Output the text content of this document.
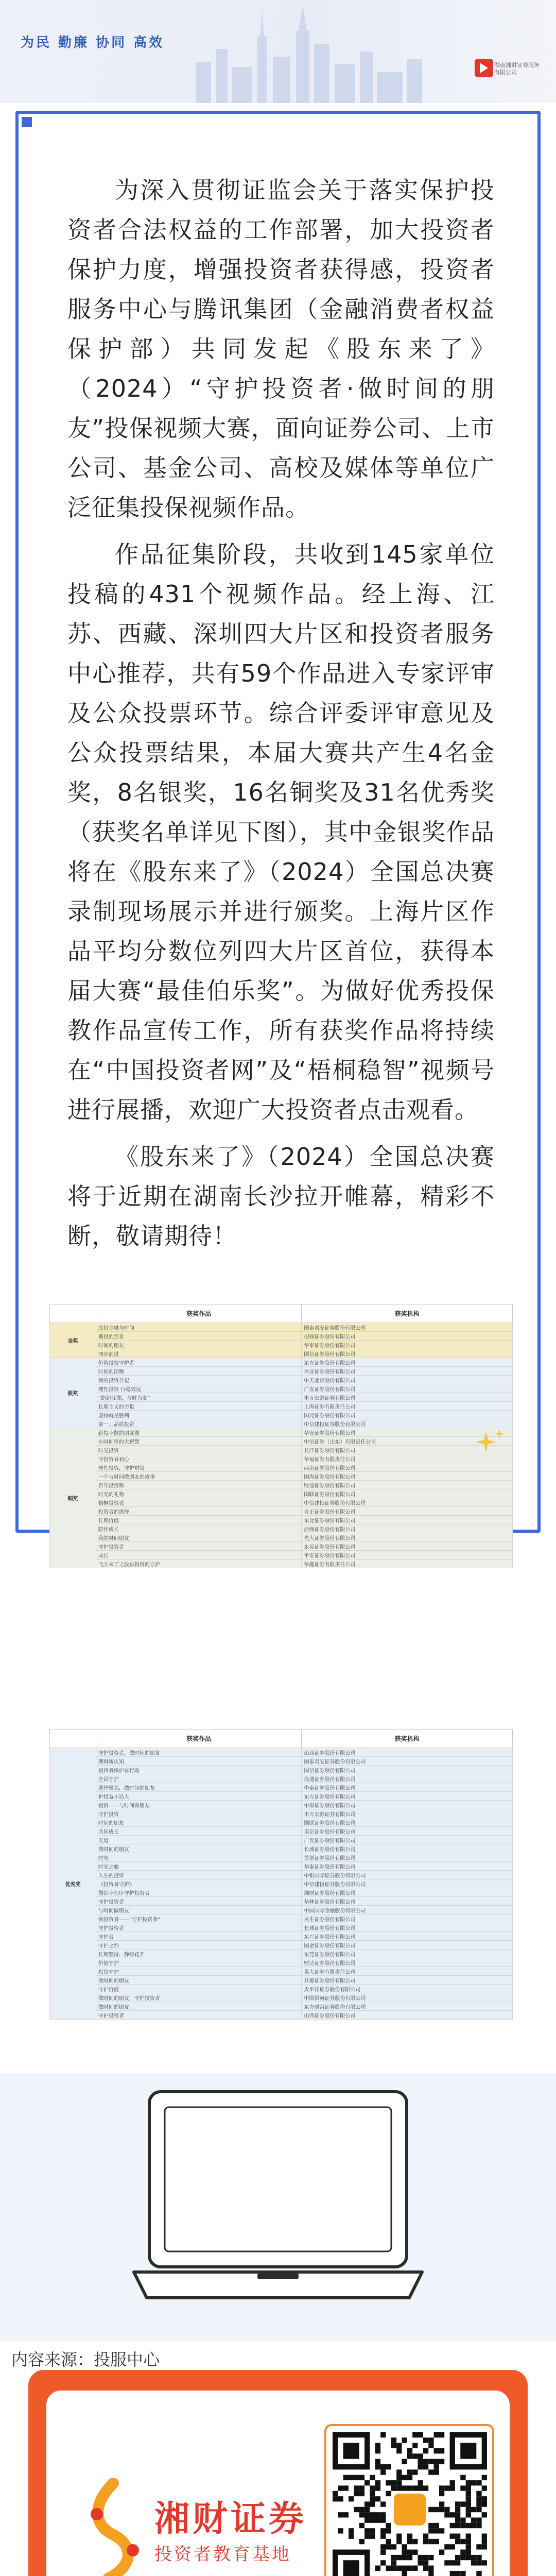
为民 勤廉 协同 高效
湖南湘财证券服务有限公司

为深入贯彻证监会关于落实保护投资者合法权益的工作部署，加大投资者保护力度，增强投资者获得感，投资者服务中心与腾讯集团（金融消费者权益保护部）共同发起《股东来了》（2024）“守护投资者·做时间的朋友”投保视频大赛，面向证券公司、上市公司、基金公司、高校及媒体等单位广泛征集投保视频作品。

作品征集阶段，共收到145家单位投稿的431个视频作品。经上海、江苏、西藏、深圳四大片区和投资者服务中心推荐，共有59个作品进入专家评审及公众投票环节。综合评委评审意见及公众投票结果，本届大赛共产生4名金奖，8名银奖，16名铜奖及31名优秀奖（获奖名单详见下图），其中金银奖作品将在《股东来了》（2024）全国总决赛录制现场展示并进行颁奖。上海片区作品平均分数位列四大片区首位，获得本届大赛“最佳伯乐奖”。为做好优秀投保教作品宣传工作，所有获奖作品将持续在“中国投资者网”及“梧桐稳智”视频号进行展播，欢迎广大投资者点击观看。

《股东来了》（2024）全国总决赛将于近期在湖南长沙拉开帷幕，精彩不断，敬请期待！

	获奖作品	获奖机构
金奖	股价金融与时间	国泰君安证券股份有限公司
	别投的惊喜	招商证券股份有限公司
	时间的朋友	华泰证券股份有限公司
	同步前进	国信证券股份有限公司
银奖	价值投资守护者	东方证券股份有限公司
	时间的馈赠	兴业证券股份有限公司
	我的投资日记	中天北京股份有限公司
	理性投资 行稳致远	广发证券股份有限公司
	“跑跑江湖，与时为友”	申万宏源证券有限公司
	长期主义的力量	上海证券有限责任公司
	坚持就是胜利	国元证券股份有限公司
	第一…品质投资	中信建投证券股份有限公司
铜奖	新投小散的朋友圈	华安证券股份有限公司
	小时间里的大智慧	中信证券（山东）有限责任公司
	时光投资	长江证券股份有限公司
	守投资者初心	华福证券有限责任公司
	理性投资，守护财富	西南证券股份有限公司
	一个与时间做朋友的故事	国海证券股份有限公司
	百年投资路	财通证券股份有限公司
	时光的礼物	国联证券股份有限公司
	梧桐投资说	中信建投证券股份有限公司
	投资者的选择	方正证券股份有限公司
	长期价值	东北证券股份有限公司
	陪伴成长	浙商证券股份有限公司
	我的时间朋友	光大证券股份有限公司
	守护投资者	东吴证券股份有限公司
	成长	平安证券股份有限公司
	飞天来了之股东投资的守护	华鑫证券有限责任公司
	获奖作品	获奖机构
优秀奖	守护投资者，做时间的朋友	山西证券股份有限公司
	理财新认知	国泰君安证券股份有限公司
	投资者保护在行动	国信证券股份有限公司
	全民守护	海通证券股份有限公司
	选择慢美，做时间的朋友	中泰证券股份有限公司
	护投益小达人	东方证券股份有限公司
	投资——与时间做朋友	中原证券股份有限公司
	守护投资	申万宏源证券有限公司
	时间的朋友	国联证券股份有限公司
	共同成长	南京证券股份有限公司
	天道	广发证券股份有限公司
	做时间的朋友	长城证券股份有限公司
	时光	首创证券股份有限公司
	时光之旅	华泰证券股份有限公司
	人生的投资	中银国际证券股份有限公司
	《投资者守护》	中信建投证券股份有限公司
	微信小程序守护投资者	湘财证券股份有限公司
	守护投资者	华林证券股份有限公司
	与时间做朋友	中国国际金融股份有限公司
	我投资者——“守护投资者”	民生证券股份有限公司
	守护投资者	长城证券股份有限公司
	守护者	东兴证券股份有限公司
	守护之约	国金证券股份有限公司
	长期坚持，静待花开	东莞证券股份有限公司
	价值守护	财达证券股份有限公司
	投资守护	英大证券有限责任公司
	做时间的朋友	开源证券股份有限公司
	守护价值	太平洋证券股份有限公司
	做时间的朋友，守护投资者	中国银河证券股份有限公司
	做时间的朋友	东方财富证券股份有限公司
	守护投资者	山西证券股份有限公司
内容来源：投服中心
湘财证券
投资者教育基地
